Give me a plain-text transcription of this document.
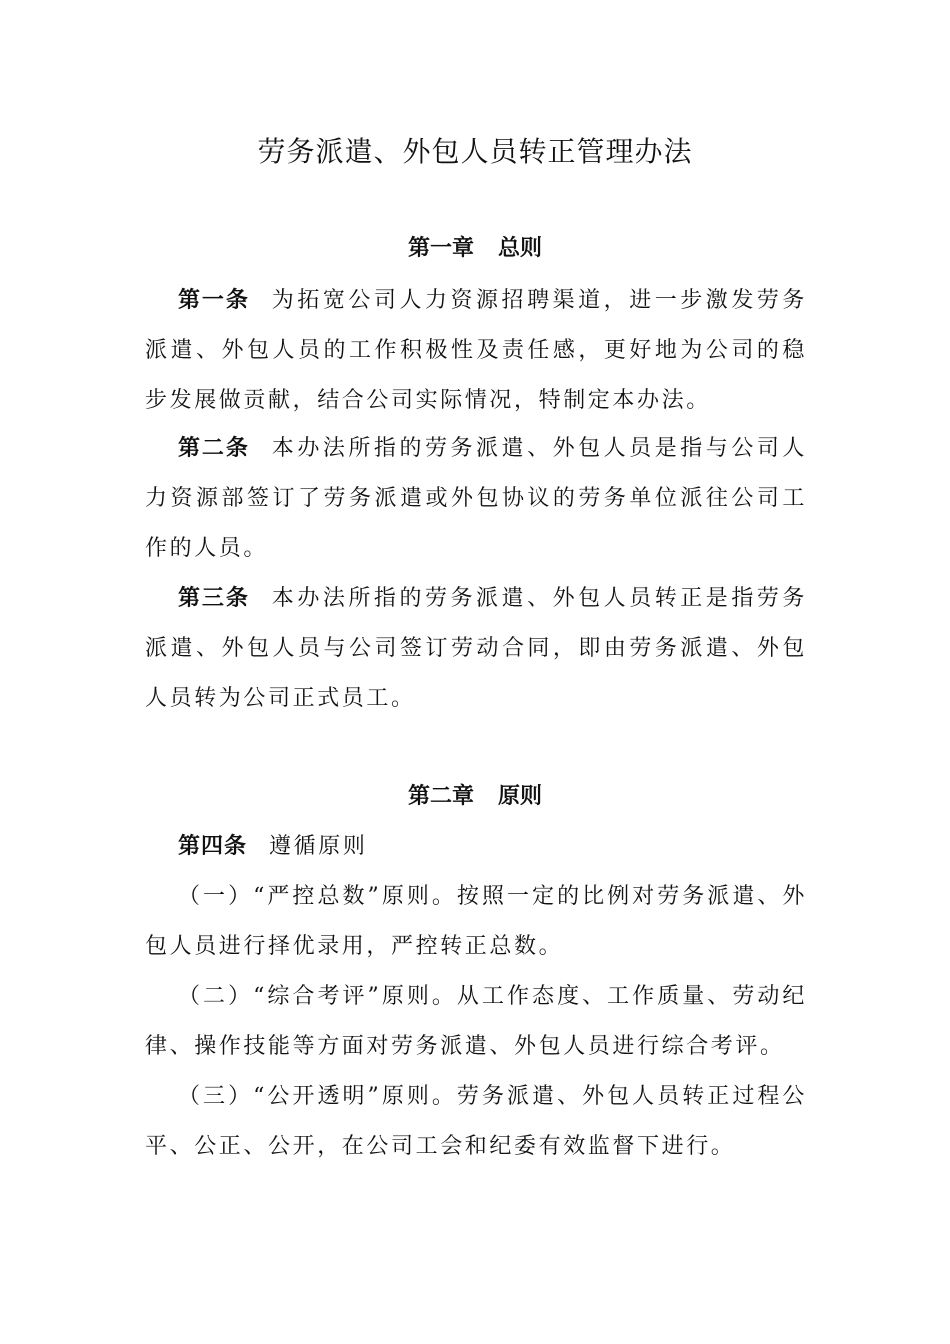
劳务派遣、外包人员转正管理办法
第一章 总则

第一条 为拓宽公司人力资源招聘渠道，进一步激发劳务派遣、外包人员的工作积极性及责任感，更好地为公司的稳步发展做贡献，结合公司实际情况，特制定本办法。

第二条 本办法所指的劳务派遣、外包人员是指与公司人力资源部签订了劳务派遣或外包协议的劳务单位派往公司工作的人员。

第三条 本办法所指的劳务派遣、外包人员转正是指劳务派遣、外包人员与公司签订劳动合同，即由劳务派遣、外包人员转为公司正式员工。

第二章 原则

第四条 遵循原则

（一）“严控总数”原则。按照一定的比例对劳务派遣、外包人员进行择优录用，严控转正总数。

（二）“综合考评”原则。从工作态度、工作质量、劳动纪律、操作技能等方面对劳务派遣、外包人员进行综合考评。

（三）“公开透明”原则。劳务派遣、外包人员转正过程公平、公正、公开，在公司工会和纪委有效监督下进行。
